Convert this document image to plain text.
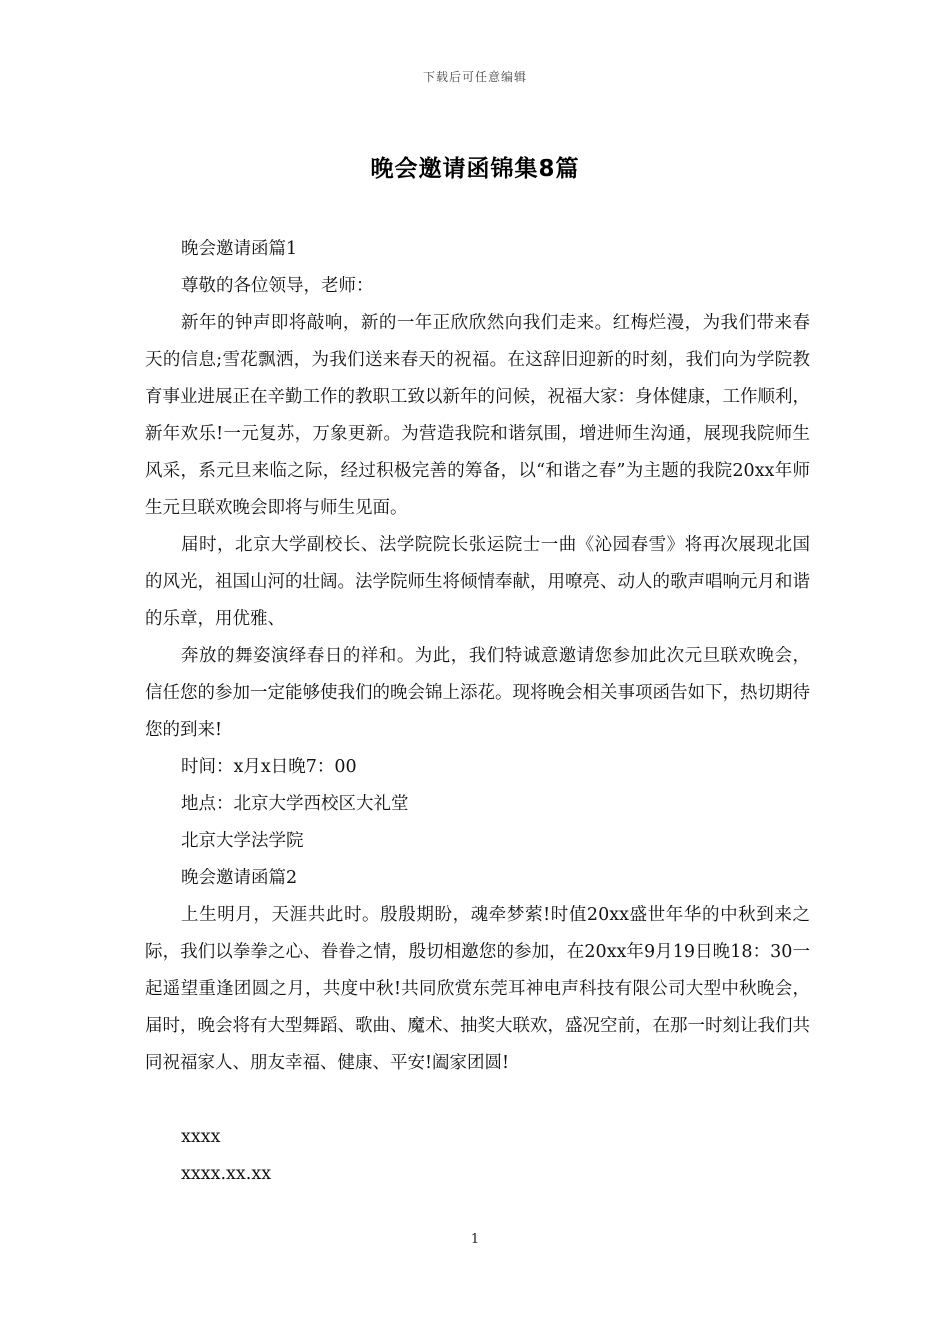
下载后可任意编辑
晚会邀请函锦集8篇

晚会邀请函篇1

尊敬的各位领导，老师：

新年的钟声即将敲响，新的一年正欣欣然向我们走来。红梅烂漫，为我们带来春天的信息;雪花飘洒，为我们送来春天的祝福。在这辞旧迎新的时刻，我们向为学院教育事业进展正在辛勤工作的教职工致以新年的问候，祝福大家：身体健康，工作顺利，新年欢乐!一元复苏，万象更新。为营造我院和谐氛围，增进师生沟通，展现我院师生风采，系元旦来临之际，经过积极完善的筹备，以“和谐之春”为主题的我院20xx年师生元旦联欢晚会即将与师生见面。

届时，北京大学副校长、法学院院长张运院士一曲《沁园春雪》将再次展现北国的风光，祖国山河的壮阔。法学院师生将倾情奉献，用嘹亮、动人的歌声唱响元月和谐的乐章，用优雅、

奔放的舞姿演绎春日的祥和。为此，我们特诚意邀请您参加此次元旦联欢晚会，信任您的参加一定能够使我们的晚会锦上添花。现将晚会相关事项函告如下，热切期待您的到来!

时间：x月x日晚7：00

地点：北京大学西校区大礼堂

北京大学法学院

晚会邀请函篇2

上生明月，天涯共此时。殷殷期盼，魂牵梦萦!时值20xx盛世年华的中秋到来之际，我们以拳拳之心、眷眷之情，殷切相邀您的参加，在20xx年9月19日晚18：30一起遥望重逢团圆之月，共度中秋!共同欣赏东莞耳神电声科技有限公司大型中秋晚会，届时，晚会将有大型舞蹈、歌曲、魔术、抽奖大联欢，盛况空前，在那一时刻让我们共同祝福家人、朋友幸福、健康、平安!阖家团圆!

xxxx

xxxx.xx.xx

1
